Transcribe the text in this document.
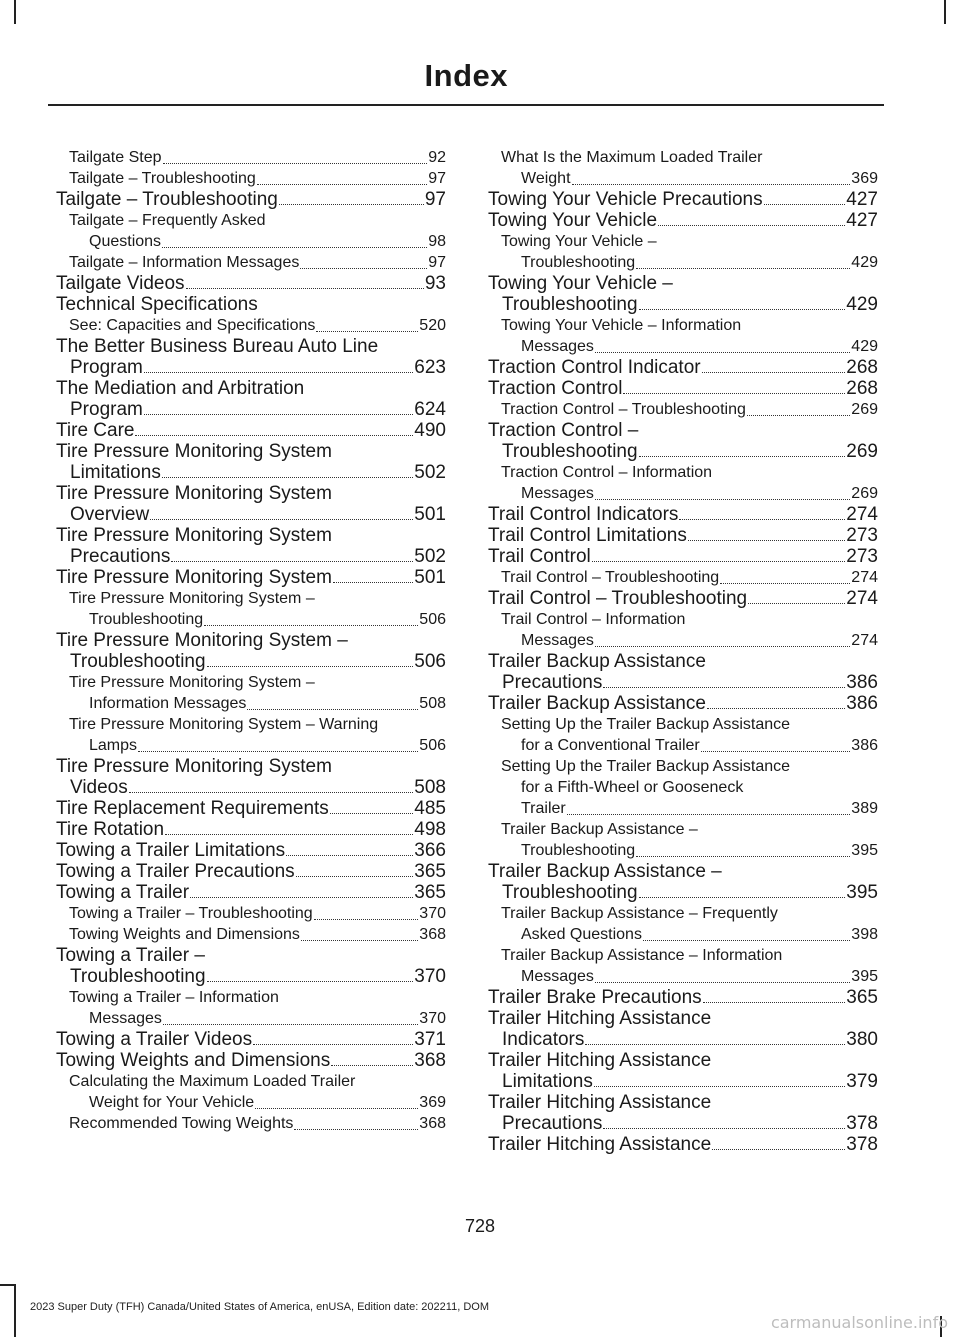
Index
Tailgate Step	92
Tailgate – Troubleshooting	97
Tailgate – Troubleshooting	97
Tailgate – Frequently Asked
Questions	98
Tailgate – Information Messages	97
Tailgate Videos	93
Technical Specifications
See: Capacities and Specifications	520
The Better Business Bureau Auto Line
Program	623
The Mediation and Arbitration
Program	624
Tire Care	490
Tire Pressure Monitoring System
Limitations	502
Tire Pressure Monitoring System
Overview	501
Tire Pressure Monitoring System
Precautions	502
Tire Pressure Monitoring System	501
Tire Pressure Monitoring System –
Troubleshooting	506
Tire Pressure Monitoring System –
Troubleshooting	506
Tire Pressure Monitoring System –
Information Messages	508
Tire Pressure Monitoring System – Warning
Lamps	506
Tire Pressure Monitoring System
Videos	508
Tire Replacement Requirements	485
Tire Rotation	498
Towing a Trailer Limitations	366
Towing a Trailer Precautions	365
Towing a Trailer	365
Towing a Trailer – Troubleshooting	370
Towing Weights and Dimensions	368
Towing a Trailer –
Troubleshooting	370
Towing a Trailer – Information
Messages	370
Towing a Trailer Videos	371
Towing Weights and Dimensions	368
Calculating the Maximum Loaded Trailer
Weight for Your Vehicle	369
Recommended Towing Weights	368
What Is the Maximum Loaded Trailer
Weight	369
Towing Your Vehicle Precautions	427
Towing Your Vehicle	427
Towing Your Vehicle –
Troubleshooting	429
Towing Your Vehicle –
Troubleshooting	429
Towing Your Vehicle – Information
Messages	429
Traction Control Indicator	268
Traction Control	268
Traction Control – Troubleshooting	269
Traction Control –
Troubleshooting	269
Traction Control – Information
Messages	269
Trail Control Indicators	274
Trail Control Limitations	273
Trail Control	273
Trail Control – Troubleshooting	274
Trail Control – Troubleshooting	274
Trail Control – Information
Messages	274
Trailer Backup Assistance
Precautions	386
Trailer Backup Assistance	386
Setting Up the Trailer Backup Assistance
for a Conventional Trailer	386
Setting Up the Trailer Backup Assistance
for a Fifth-Wheel or Gooseneck
Trailer	389
Trailer Backup Assistance –
Troubleshooting	395
Trailer Backup Assistance –
Troubleshooting	395
Trailer Backup Assistance – Frequently
Asked Questions	398
Trailer Backup Assistance – Information
Messages	395
Trailer Brake Precautions	365
Trailer Hitching Assistance
Indicators	380
Trailer Hitching Assistance
Limitations	379
Trailer Hitching Assistance
Precautions	378
Trailer Hitching Assistance	378
728
2023 Super Duty (TFH) Canada/United States of America, enUSA, Edition date: 202211, DOM
carmanualsonline.info
